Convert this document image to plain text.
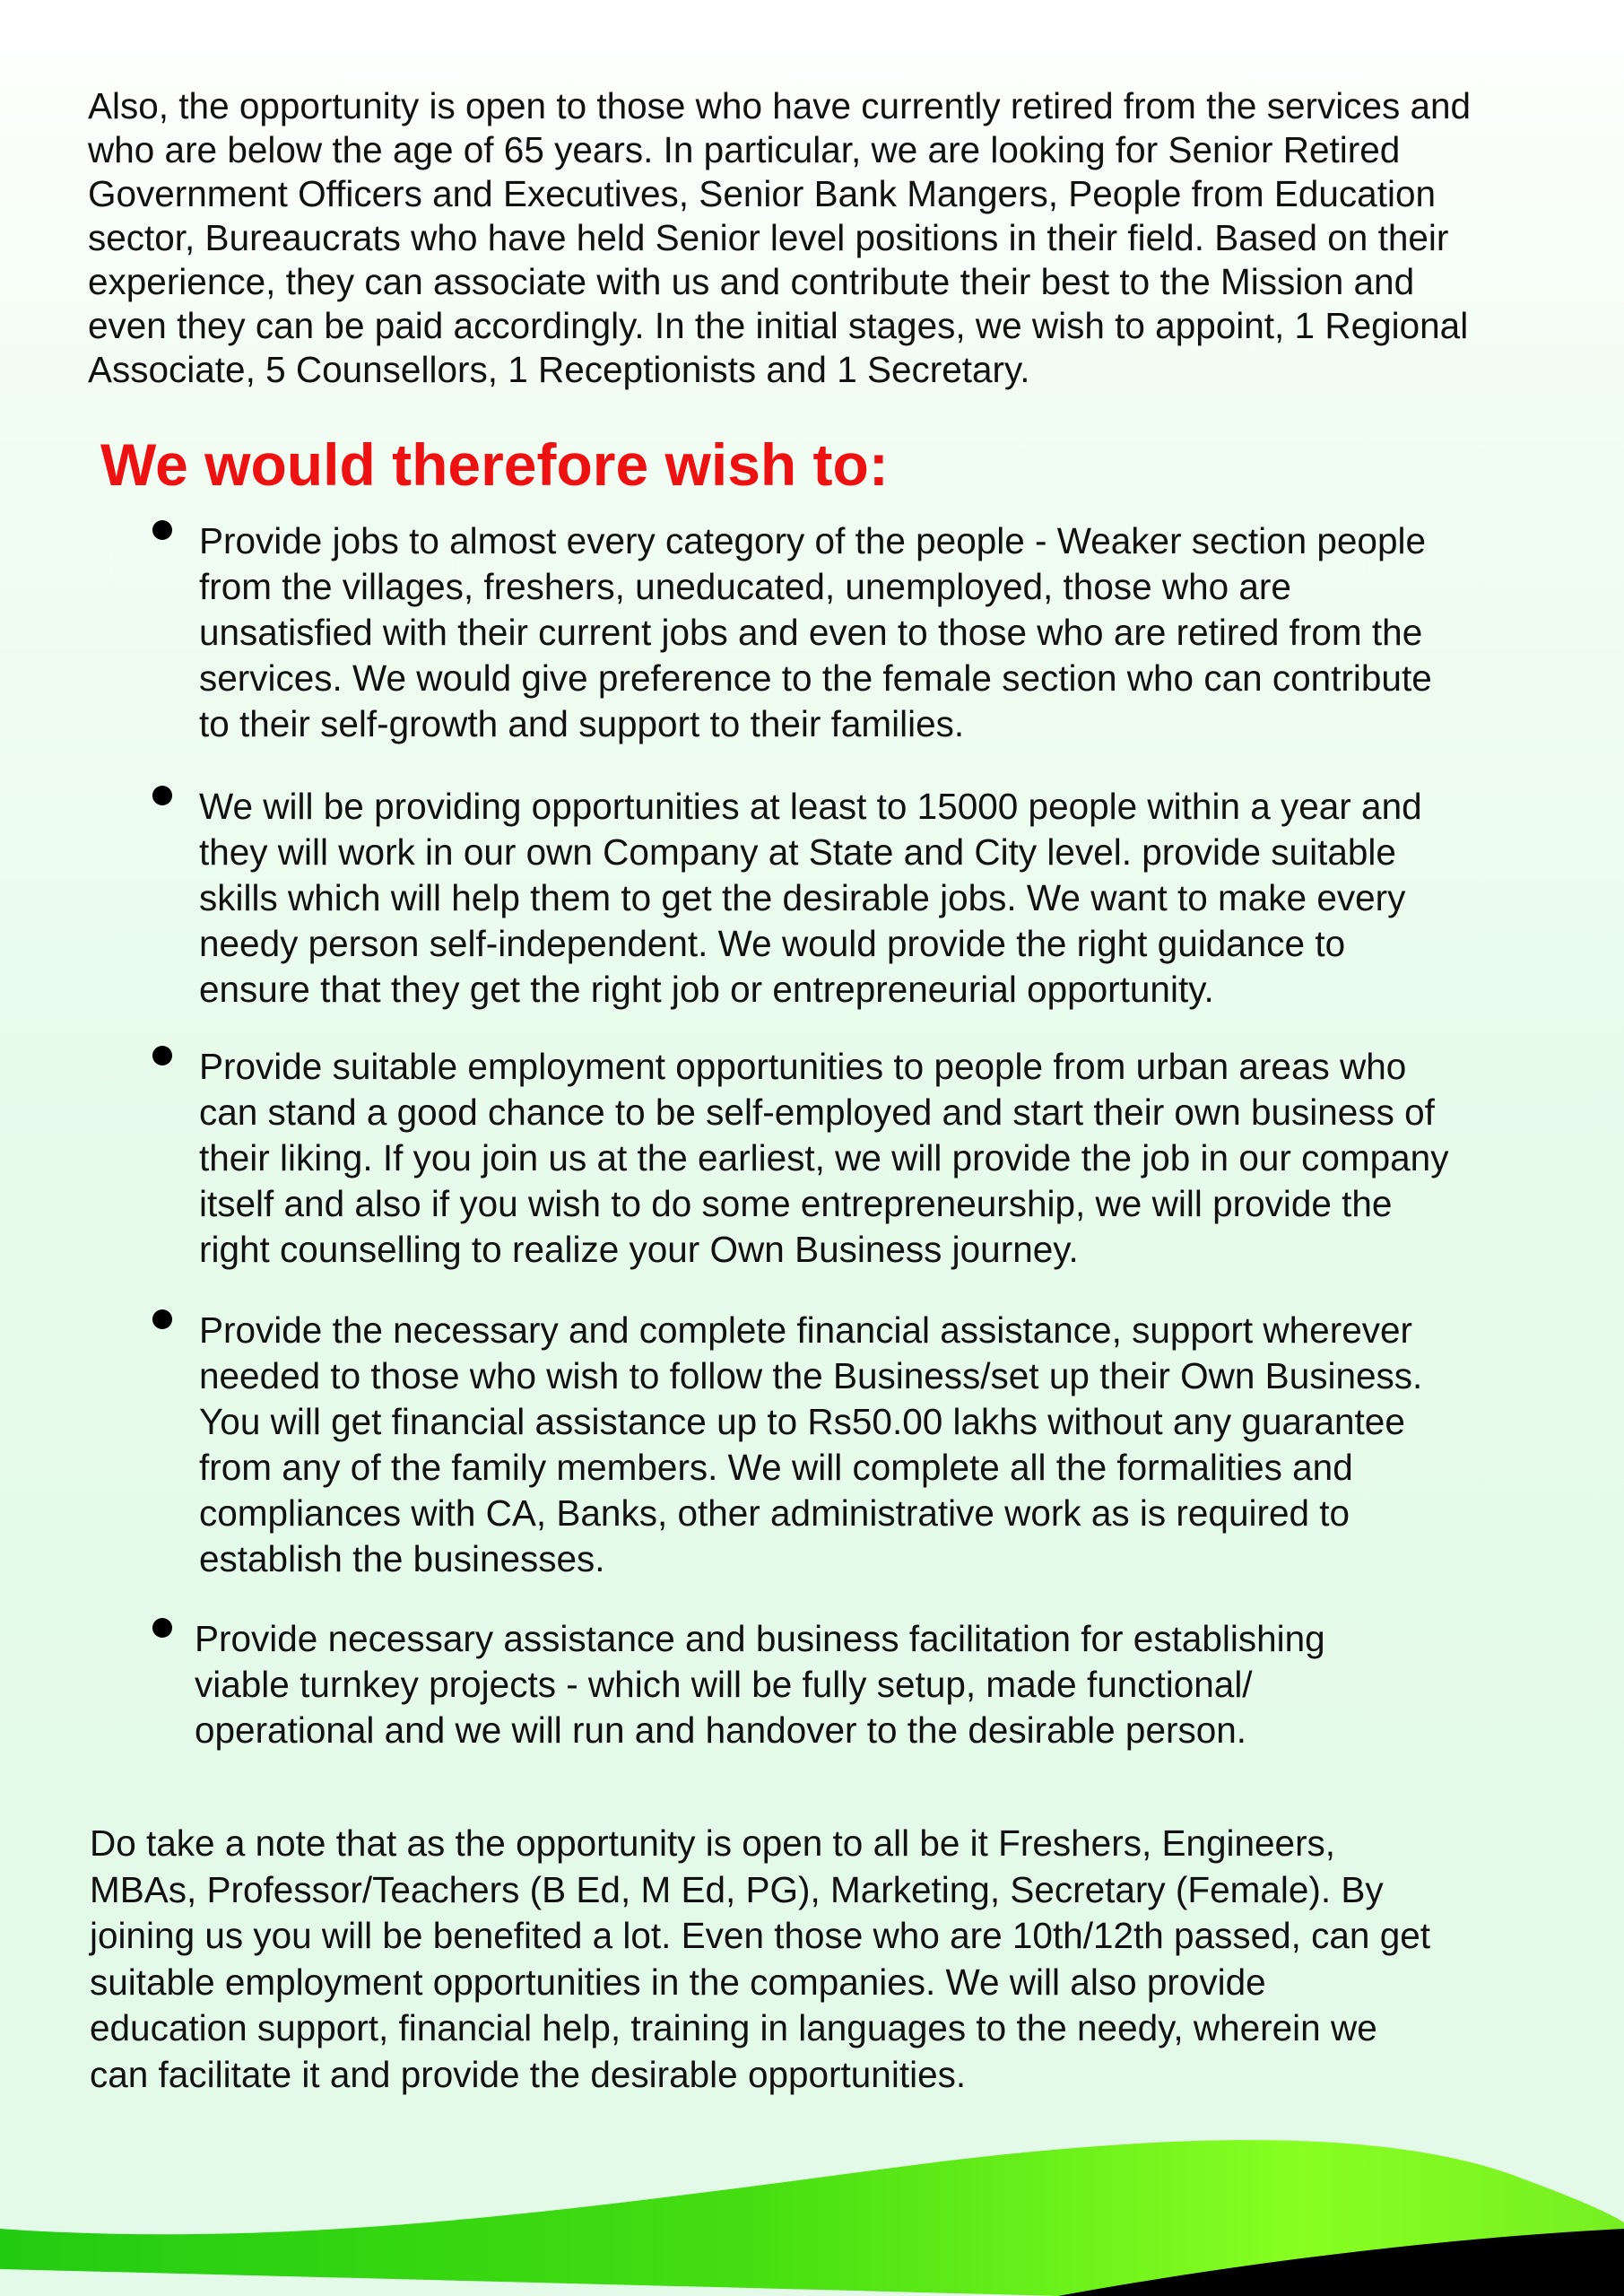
Also, the opportunity is open to those who have currently retired from the services and
who are below the age of 65 years. In particular, we are looking for Senior Retired
Government Officers and Executives, Senior Bank Mangers, People from Education
sector, Bureaucrats who have held Senior level positions in their field. Based on their
experience, they can associate with us and contribute their best to the Mission and
even they can be paid accordingly. In the initial stages, we wish to appoint, 1 Regional
Associate, 5 Counsellors, 1 Receptionists and 1 Secretary.

We would therefore wish to:

Provide jobs to almost every category of the people - Weaker section people
from the villages, freshers, uneducated, unemployed, those who are
unsatisfied with their current jobs and even to those who are retired from the
services. We would give preference to the female section who can contribute
to their self-growth and support to their families.

We will be providing opportunities at least to 15000 people within a year and
they will work in our own Company at State and City level. provide suitable
skills which will help them to get the desirable jobs. We want to make every
needy person self-independent. We would provide the right guidance to
ensure that they get the right job or entrepreneurial opportunity.

Provide suitable employment opportunities to people from urban areas who
can stand a good chance to be self-employed and start their own business of
their liking. If you join us at the earliest, we will provide the job in our company
itself and also if you wish to do some entrepreneurship, we will provide the
right counselling to realize your Own Business journey.

Provide the necessary and complete financial assistance, support wherever
needed to those who wish to follow the Business/set up their Own Business.
You will get financial assistance up to Rs50.00 lakhs without any guarantee
from any of the family members. We will complete all the formalities and
compliances with CA, Banks, other administrative work as is required to
establish the businesses.

Provide necessary assistance and business facilitation for establishing
viable turnkey projects - which will be fully setup, made functional/
operational and we will run and handover to the desirable person.

Do take a note that as the opportunity is open to all be it Freshers, Engineers,
MBAs, Professor/Teachers (B Ed, M Ed, PG), Marketing, Secretary (Female). By
joining us you will be benefited a lot. Even those who are 10th/12th passed, can get
suitable employment opportunities in the companies. We will also provide
education support, financial help, training in languages to the needy, wherein we
can facilitate it and provide the desirable opportunities.
